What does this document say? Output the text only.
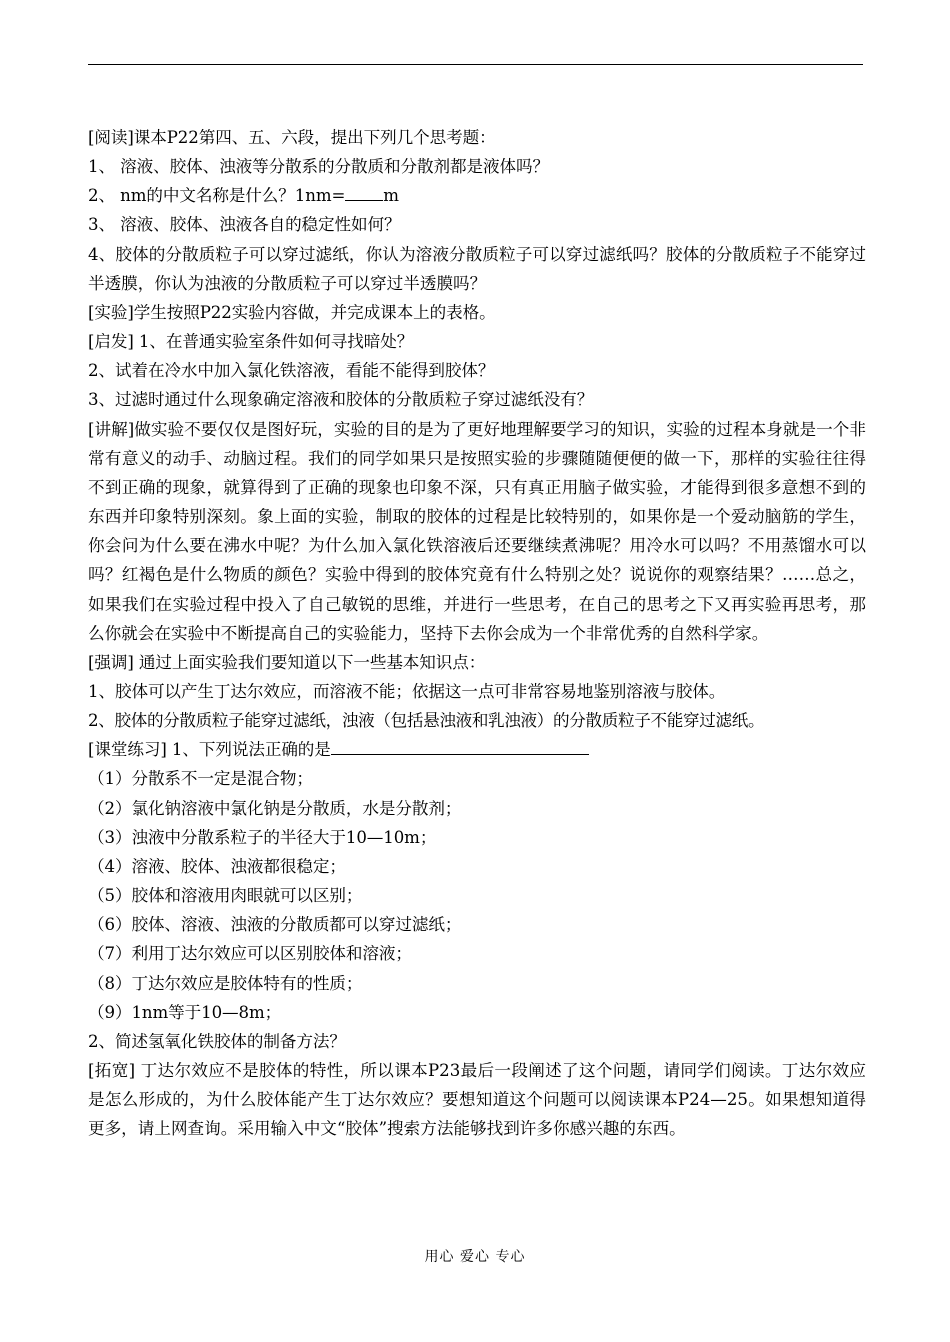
[阅读]课本P22第四、五、六段，提出下列几个思考题：

1、 溶液、胶体、浊液等分散系的分散质和分散剂都是液体吗？

2、 nm的中文名称是什么？1nm= m

3、 溶液、胶体、浊液各自的稳定性如何？

4、胶体的分散质粒子可以穿过滤纸，你认为溶液分散质粒子可以穿过滤纸吗？胶体的分散质粒子不能穿过半透膜，你认为浊液的分散质粒子可以穿过半透膜吗？

[实验]学生按照P22实验内容做，并完成课本上的表格。

[启发] 1、在普通实验室条件如何寻找暗处？

2、试着在冷水中加入氯化铁溶液，看能不能得到胶体？

3、过滤时通过什么现象确定溶液和胶体的分散质粒子穿过滤纸没有？

[讲解]做实验不要仅仅是图好玩，实验的目的是为了更好地理解要学习的知识，实验的过程本身就是一个非常有意义的动手、动脑过程。我们的同学如果只是按照实验的步骤随随便便的做一下，那样的实验往往得不到正确的现象，就算得到了正确的现象也印象不深，只有真正用脑子做实验，才能得到很多意想不到的东西并印象特别深刻。象上面的实验，制取的胶体的过程是比较特别的，如果你是一个爱动脑筋的学生，你会问为什么要在沸水中呢？为什么加入氯化铁溶液后还要继续煮沸呢？用冷水可以吗？不用蒸馏水可以吗？红褐色是什么物质的颜色？实验中得到的胶体究竟有什么特别之处？说说你的观察结果？……总之，如果我们在实验过程中投入了自己敏锐的思维，并进行一些思考，在自己的思考之下又再实验再思考，那么你就会在实验中不断提高自己的实验能力，坚持下去你会成为一个非常优秀的自然科学家。

[强调] 通过上面实验我们要知道以下一些基本知识点：

1、胶体可以产生丁达尔效应，而溶液不能；依据这一点可非常容易地鉴别溶液与胶体。

2、胶体的分散质粒子能穿过滤纸，浊液（包括悬浊液和乳浊液）的分散质粒子不能穿过滤纸。

[课堂练习] 1、下列说法正确的是

（1）分散系不一定是混合物；

（2）氯化钠溶液中氯化钠是分散质，水是分散剂；

（3）浊液中分散系粒子的半径大于10—10m；

（4）溶液、胶体、浊液都很稳定；

（5）胶体和溶液用肉眼就可以区别；

（6）胶体、溶液、浊液的分散质都可以穿过滤纸；

（7）利用丁达尔效应可以区别胶体和溶液；

（8）丁达尔效应是胶体特有的性质；

（9）1nm等于10—8m；

2、简述氢氧化铁胶体的制备方法？

[拓宽] 丁达尔效应不是胶体的特性，所以课本P23最后一段阐述了这个问题，请同学们阅读。丁达尔效应是怎么形成的，为什么胶体能产生丁达尔效应？要想知道这个问题可以阅读课本P24—25。如果想知道得更多，请上网查询。采用输入中文“胶体”搜索方法能够找到许多你感兴趣的东西。

用心 爱心 专心
